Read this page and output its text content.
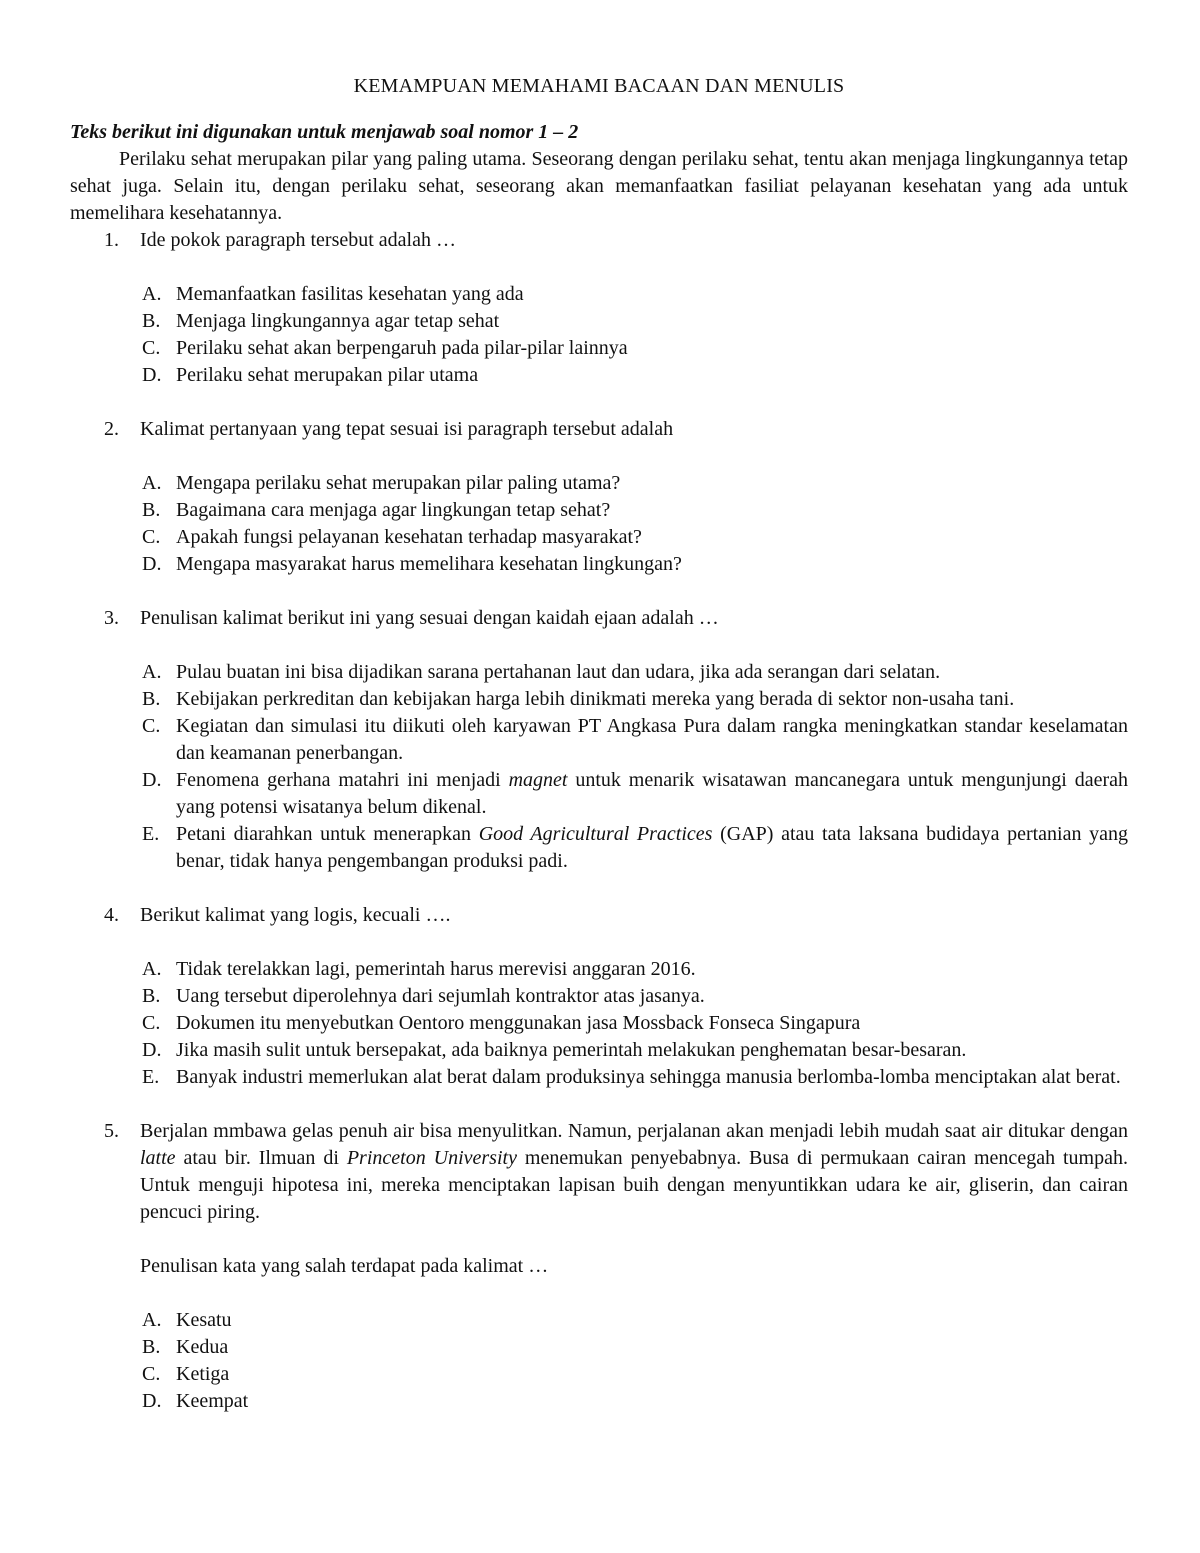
KEMAMPUAN MEMAHAMI BACAAN DAN MENULIS

Teks berikut ini digunakan untuk menjawab soal nomor 1 – 2

Perilaku sehat merupakan pilar yang paling utama. Seseorang dengan perilaku sehat, tentu akan menjaga lingkungannya tetap sehat juga. Selain itu, dengan perilaku sehat, seseorang akan memanfaatkan fasiliat pelayanan kesehatan yang ada untuk memelihara kesehatannya.

1.	Ide pokok paragraph tersebut adalah …
A. Memanfaatkan fasilitas kesehatan yang ada
B. Menjaga lingkungannya agar tetap sehat
C. Perilaku sehat akan berpengaruh pada pilar-pilar lainnya
D. Perilaku sehat merupakan pilar utama
2.	Kalimat pertanyaan yang tepat sesuai isi paragraph tersebut adalah
A. Mengapa perilaku sehat merupakan pilar paling utama?
B. Bagaimana cara menjaga agar lingkungan tetap sehat?
C. Apakah fungsi pelayanan kesehatan terhadap masyarakat?
D. Mengapa masyarakat harus memelihara kesehatan lingkungan?
3.	Penulisan kalimat berikut ini yang sesuai dengan kaidah ejaan adalah …
A. Pulau buatan ini bisa dijadikan sarana pertahanan laut dan udara, jika ada serangan dari selatan.
B. Kebijakan perkreditan dan kebijakan harga lebih dinikmati mereka yang berada di sektor non-usaha tani.
C. Kegiatan dan simulasi itu diikuti oleh karyawan PT Angkasa Pura dalam rangka meningkatkan standar keselamatan dan keamanan penerbangan.
D. Fenomena gerhana matahri ini menjadi magnet untuk menarik wisatawan mancanegara untuk mengunjungi daerah yang potensi wisatanya belum dikenal.
E. Petani diarahkan untuk menerapkan Good Agricultural Practices (GAP) atau tata laksana budidaya pertanian yang benar, tidak hanya pengembangan produksi padi.
4.	Berikut kalimat yang logis, kecuali ….
A. Tidak terelakkan lagi, pemerintah harus merevisi anggaran 2016.
B. Uang tersebut diperolehnya dari sejumlah kontraktor atas jasanya.
C. Dokumen itu menyebutkan Oentoro menggunakan jasa Mossback Fonseca Singapura
D. Jika masih sulit untuk bersepakat, ada baiknya pemerintah melakukan penghematan besar-besaran.
E. Banyak industri memerlukan alat berat dalam produksinya sehingga manusia berlomba-lomba menciptakan alat berat.
5.	Berjalan mmbawa gelas penuh air bisa menyulitkan. Namun, perjalanan akan menjadi lebih mudah saat air ditukar dengan latte atau bir. Ilmuan di Princeton University menemukan penyebabnya. Busa di permukaan cairan mencegah tumpah. Untuk menguji hipotesa ini, mereka menciptakan lapisan buih dengan menyuntikkan udara ke air, gliserin, dan cairan pencuci piring.
Penulisan kata yang salah terdapat pada kalimat …
A. Kesatu
B. Kedua
C. Ketiga
D. Keempat
